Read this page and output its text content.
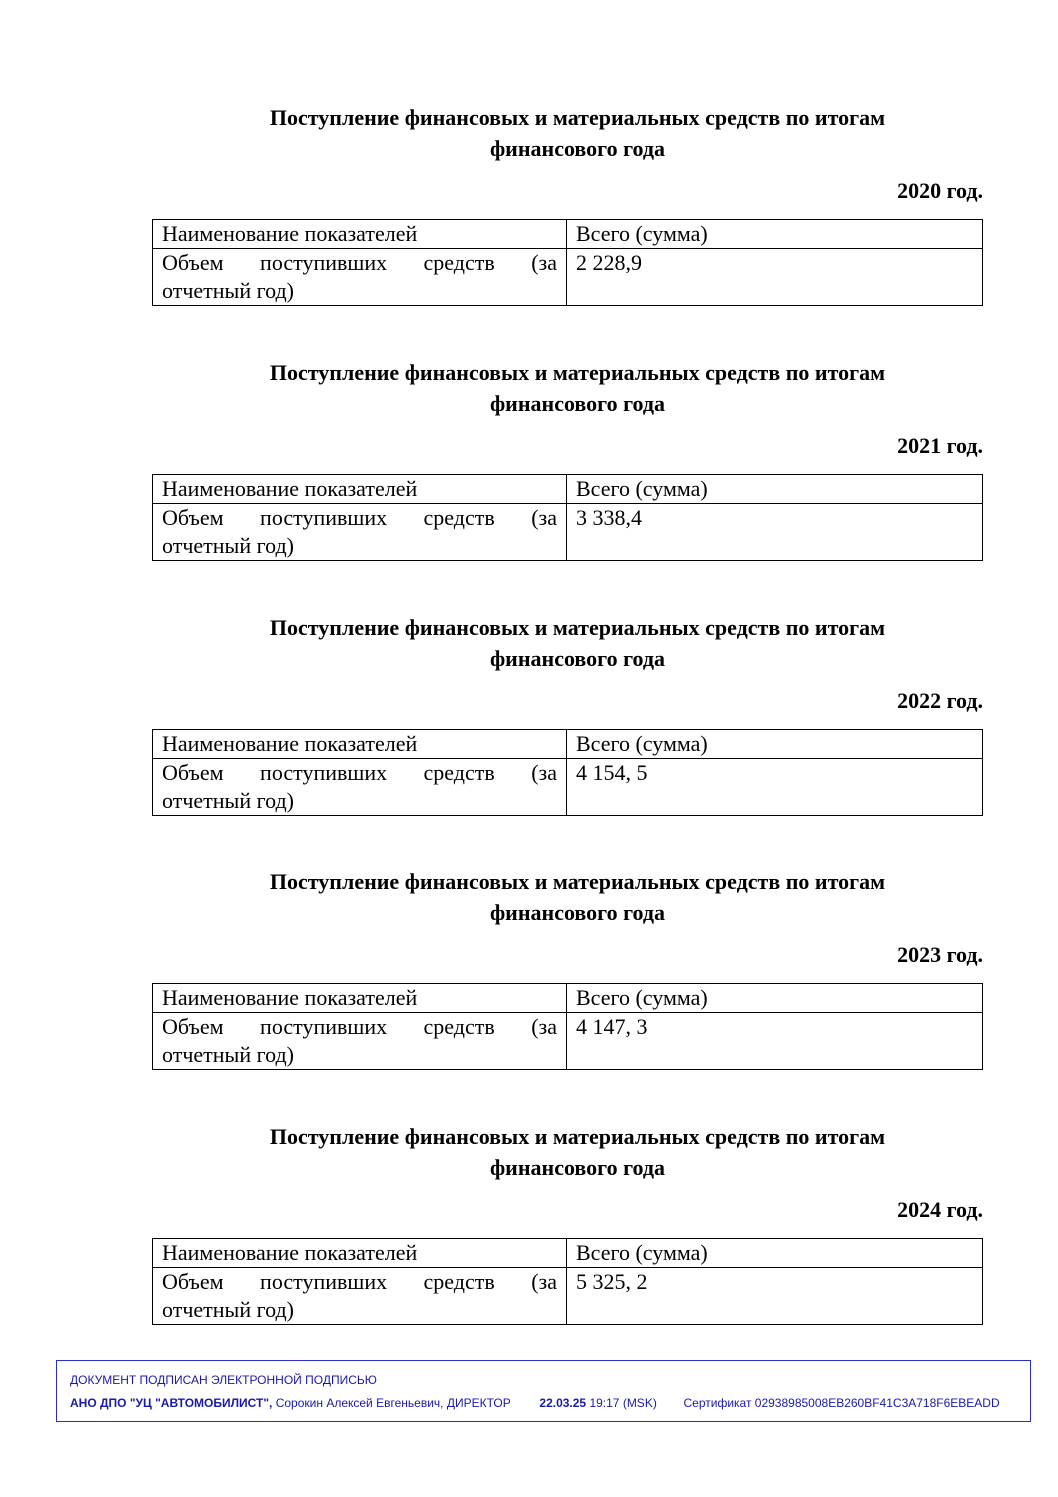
Поступление финансовых и материальных средств по итогам
финансового года

2020 год.
Наименование показателей	Всего (сумма)

Объем поступивших средств (за
отчетный год)	2 228,9

Поступление финансовых и материальных средств по итогам
финансового года

2021 год.
Наименование показателей	Всего (сумма)

Объем поступивших средств (за
отчетный год)	3 338,4

Поступление финансовых и материальных средств по итогам
финансового года

2022 год.
Наименование показателей	Всего (сумма)

Объем поступивших средств (за
отчетный год)	4 154, 5

Поступление финансовых и материальных средств по итогам
финансового года

2023 год.
Наименование показателей	Всего (сумма)

Объем поступивших средств (за
отчетный год)	4 147, 3

Поступление финансовых и материальных средств по итогам
финансового года

2024 год.
Наименование показателей	Всего (сумма)

Объем поступивших средств (за
отчетный год)	5 325, 2
ДОКУМЕНТ ПОДПИСАН ЭЛЕКТРОННОЙ ПОДПИСЬЮ
АНО ДПО "УЦ "АВТОМОБИЛИСТ", Сорокин Алексей Евгеньевич, ДИРЕКТОР 22.03.25 19:17 (MSK) Сертификат 02938985008EB260BF41C3A718F6EBEADD
